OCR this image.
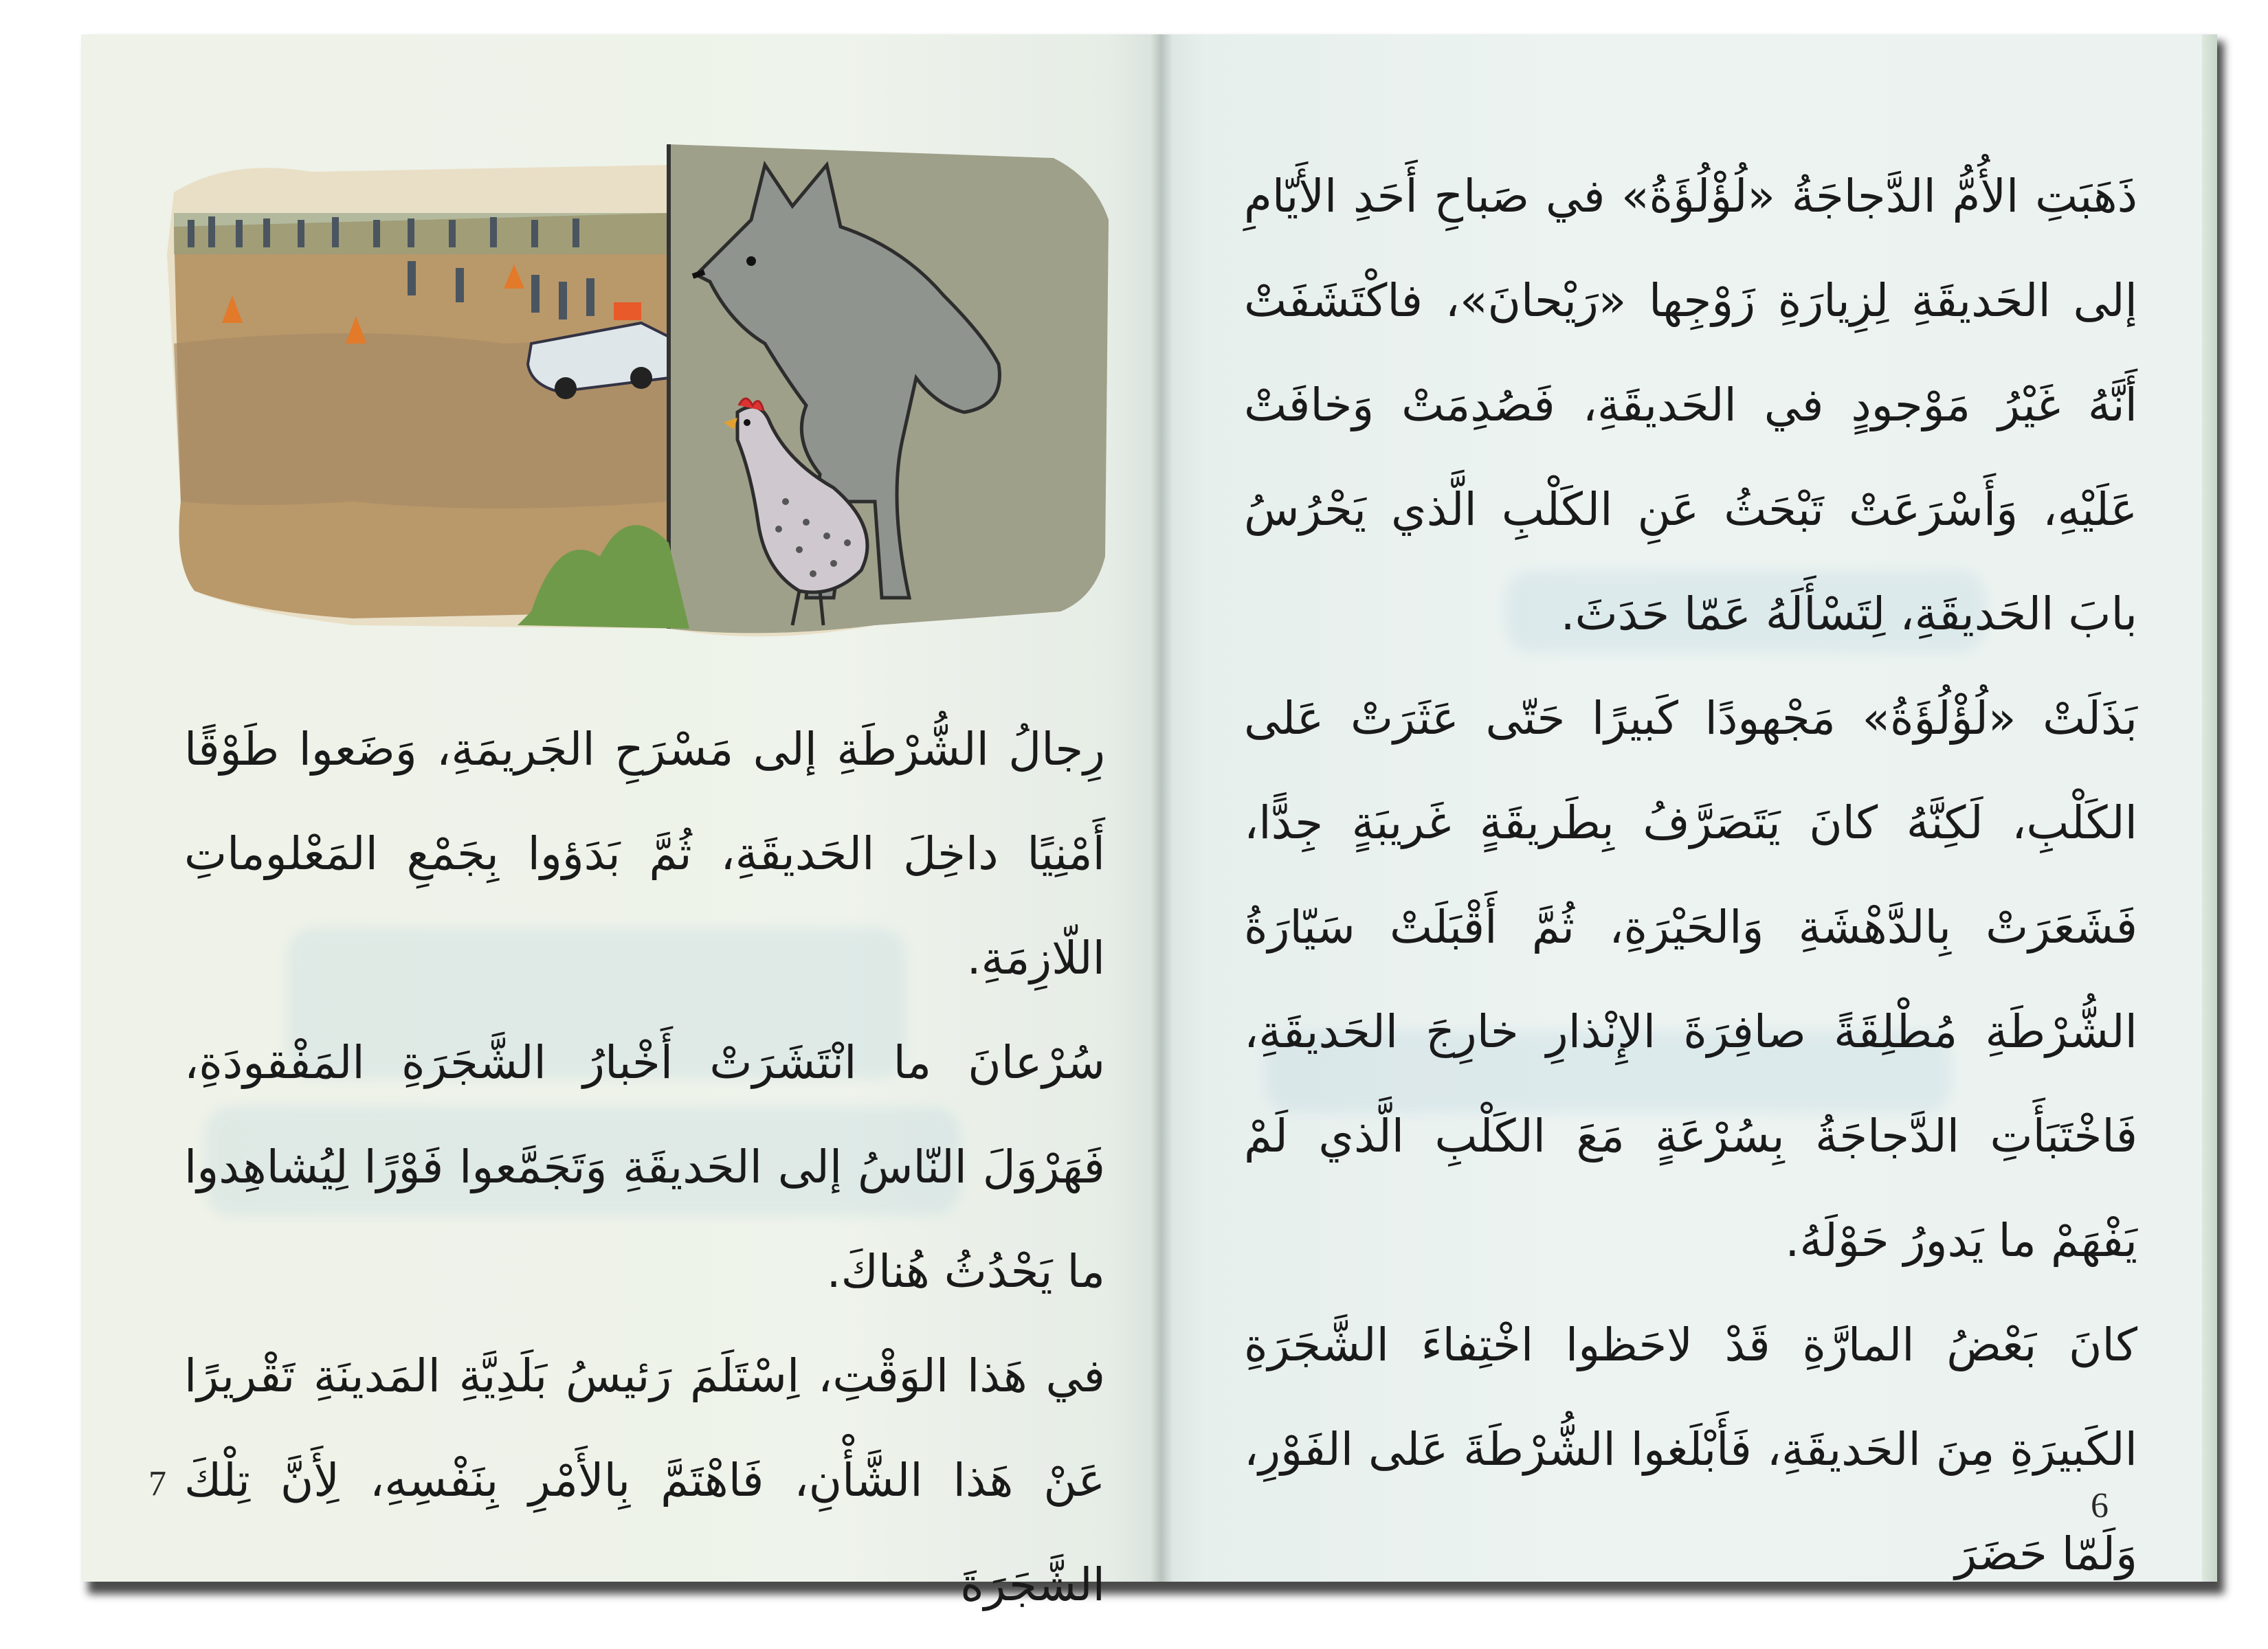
رِجالُ الشُّرْطَةِ إلى مَسْرَحِ الجَريمَةِ، وَضَعوا طَوْقًا أَمْنِيًا داخِلَ الحَديقَةِ، ثُمَّ بَدَؤوا بِجَمْعِ المَعْلوماتِ اللّازِمَةِ.

سُرْعانَ ما انْتَشَرَتْ أَخْبارُ الشَّجَرَةِ المَفْقودَةِ، فَهَرْوَلَ النّاسُ إلى الحَديقَةِ وَتَجَمَّعوا فَوْرًا لِيُشاهِدوا ما يَحْدُثُ هُناكَ.

في هَذا الوَقْتِ، اِسْتَلَمَ رَئيسُ بَلَدِيَّةِ المَدينَةِ تَقْريرًا عَنْ هَذا الشَّأْنِ، فَاهْتَمَّ بِالأَمْرِ بِنَفْسِهِ، لِأَنَّ تِلْكَ الشَّجَرَةَ

7

ذَهَبَتِ الأُمُّ الدَّجاجَةُ «لُؤْلُؤَةُ» في صَباحِ أَحَدِ الأَيّامِ إلى الحَديقَةِ لِزِيارَةِ زَوْجِها «رَيْحانَ»، فاكْتَشَفَتْ أَنَّهُ غَيْرُ مَوْجودٍ في الحَديقَةِ، فَصُدِمَتْ وَخافَتْ عَلَيْهِ، وَأَسْرَعَتْ تَبْحَثُ عَنِ الكَلْبِ الَّذي يَحْرُسُ بابَ الحَديقَةِ، لِتَسْأَلَهُ عَمّا حَدَثَ.

بَذَلَتْ «لُؤْلُؤَةُ» مَجْهودًا كَبيرًا حَتّى عَثَرَتْ عَلى الكَلْبِ، لَكِنَّهُ كانَ يَتَصَرَّفُ بِطَريقَةٍ غَريبَةٍ جِدًّا، فَشَعَرَتْ بِالدَّهْشَةِ وَالحَيْرَةِ، ثُمَّ أَقْبَلَتْ سَيّارَةُ الشُّرْطَةِ مُطْلِقَةً صافِرَةَ الإِنْذارِ خارِجَ الحَديقَةِ، فَاخْتَبَأَتِ الدَّجاجَةُ بِسُرْعَةٍ مَعَ الكَلْبِ الَّذي لَمْ يَفْهَمْ ما يَدورُ حَوْلَهُ.

كانَ بَعْضُ المارَّةِ قَدْ لاحَظوا اخْتِفاءَ الشَّجَرَةِ الكَبيرَةِ مِنَ الحَديقَةِ، فَأَبْلَغوا الشُّرْطَةَ عَلى الفَوْرِ، وَلَمّا حَضَرَ

6
